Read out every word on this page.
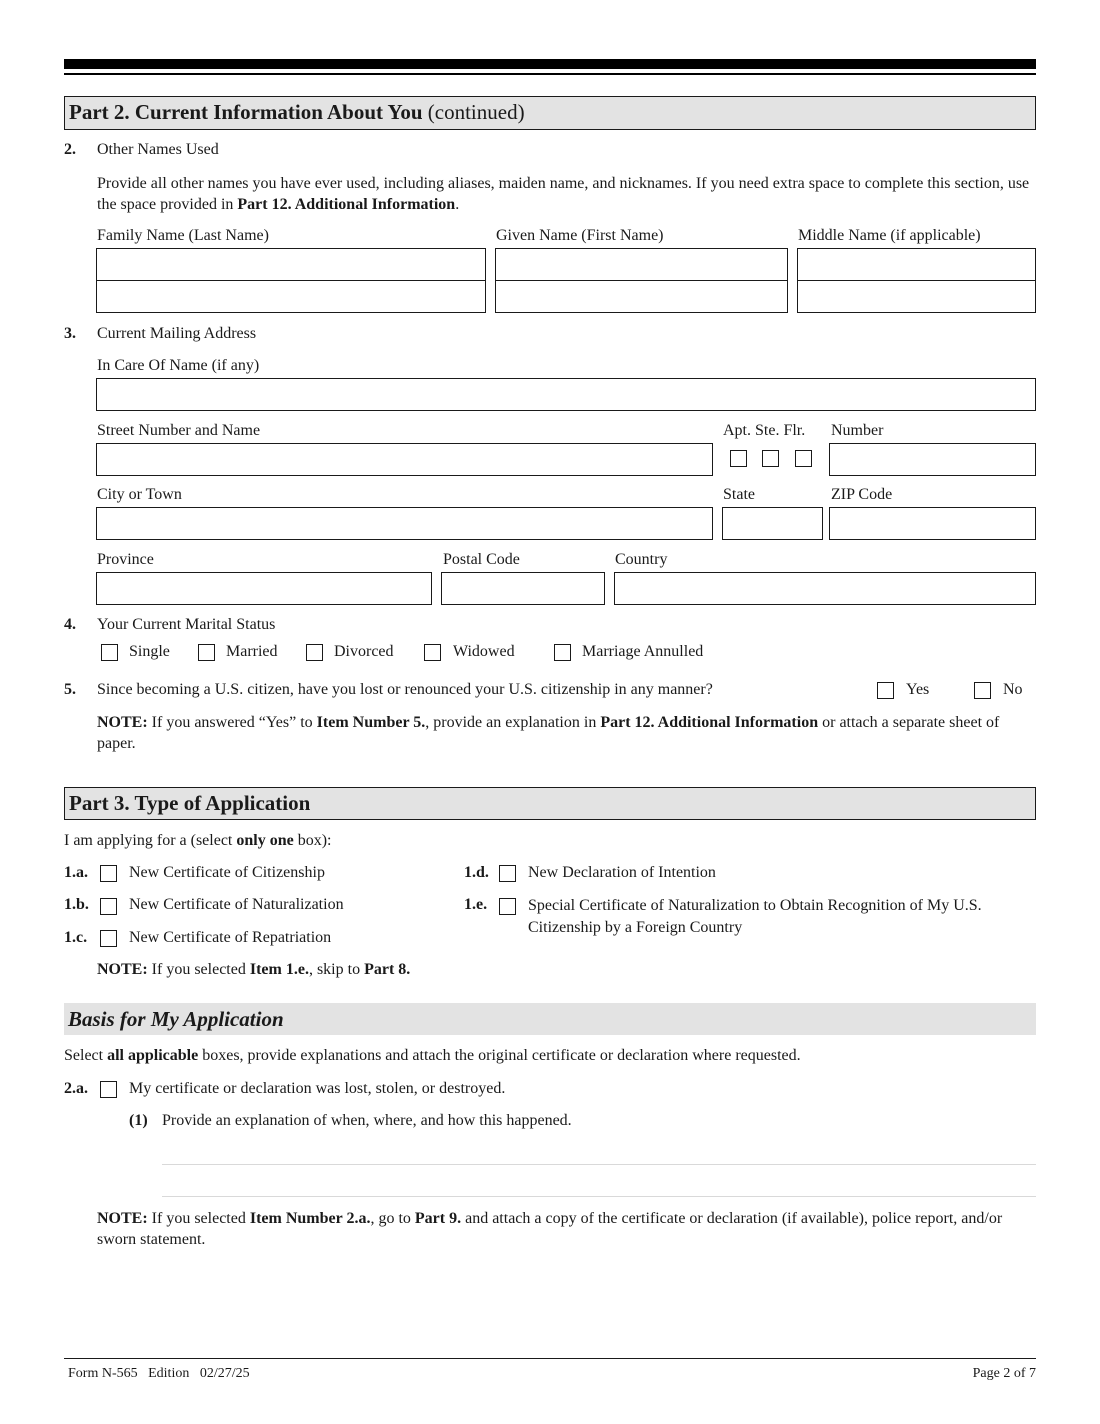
Part 2. Current Information About You (continued)
2. Other Names Used
Provide all other names you have ever used, including aliases, maiden name, and nicknames. If you need extra space to complete this section, use the space provided in Part 12. Additional Information.
Family Name (Last Name)	Given Name (First Name)	Middle Name (if applicable)
3. Current Mailing Address
In Care Of Name (if any)
Street Number and Name	Apt. Ste. Flr. Number
City or Town	State	ZIP Code
Province	Postal Code	Country
4. Your Current Marital Status
Single	Married	Divorced	Widowed	Marriage Annulled
5. Since becoming a U.S. citizen, have you lost or renounced your U.S. citizenship in any manner?	Yes	No
NOTE: If you answered “Yes” to Item Number 5., provide an explanation in Part 12. Additional Information or attach a separate sheet of paper.
Part 3. Type of Application
I am applying for a (select only one box):
1.a.	New Certificate of Citizenship
1.b.	New Certificate of Naturalization
1.c.	New Certificate of Repatriation
1.d. New Declaration of Intention
1.e.	Special Certificate of Naturalization to Obtain Recognition of My U.S. Citizenship by a Foreign Country
NOTE: If you selected Item 1.e., skip to Part 8.
Basis for My Application
Select all applicable boxes, provide explanations and attach the original certificate or declaration where requested.
2.a.	My certificate or declaration was lost, stolen, or destroyed.
(1) Provide an explanation of when, where, and how this happened.
NOTE: If you selected Item Number 2.a., go to Part 9. and attach a copy of the certificate or declaration (if available), police report, and/or sworn statement.
Form N-565   Edition   02/27/25	Page 2 of 7
